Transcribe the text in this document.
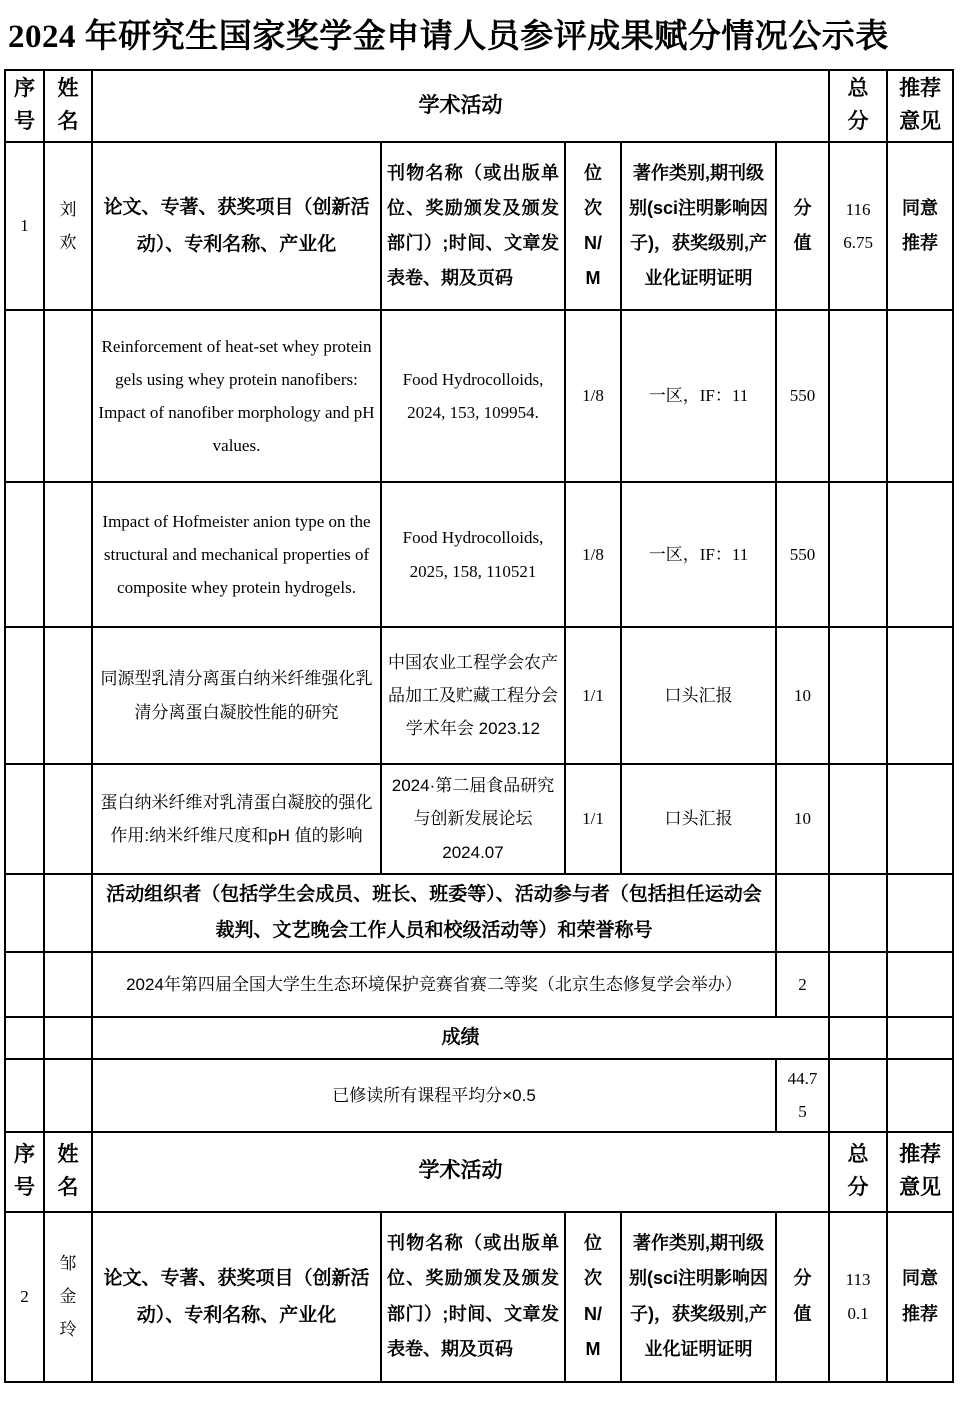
2024 年研究生国家奖学金申请人员参评成果赋分情况公示表
序号	姓名	学术活动					总分	推荐意见
1	刘欢	论文、专著、获奖项目（创新活动）、专利名称、产业化	刊物名称（或出版单位、奖励颁发及颁发部门）;时间、文章发表卷、期及页码	位次N/M	著作类别,期刊级别(sci注明影响因子)，获奖级别,产业化证明证明	分值	1166.75	同意推荐
		Reinforcement of heat-set whey protein gels using whey protein nanofibers: Impact of nanofiber morphology and pH values.	Food Hydrocolloids, 2024, 153, 109954.	1/8	一区，IF：11	550		
		Impact of Hofmeister anion type on the structural and mechanical properties of composite whey protein hydrogels.	Food Hydrocolloids, 2025, 158, 110521	1/8	一区，IF：11	550		
		同源型乳清分离蛋白纳米纤维强化乳清分离蛋白凝胶性能的研究	中国农业工程学会农产品加工及贮藏工程分会学术年会 2023.12	1/1	口头汇报	10		
		蛋白纳米纤维对乳清蛋白凝胶的强化作用:纳米纤维尺度和pH 值的影响	2024·第二届食品研究与创新发展论坛 2024.07	1/1	口头汇报	10		
		活动组织者（包括学生会成员、班长、班委等）、活动参与者（包括担任运动会裁判、文艺晚会工作人员和校级活动等）和荣誉称号						
		2024年第四届全国大学生生态环境保护竞赛省赛二等奖（北京生态修复学会举办）				2		
		成绩						
		已修读所有课程平均分×0.5				44.75		
序号	姓名	学术活动					总分	推荐意见
2	邹金玲	论文、专著、获奖项目（创新活动）、专利名称、产业化	刊物名称（或出版单位、奖励颁发及颁发部门）;时间、文章发表卷、期及页码	位次N/M	著作类别,期刊级别(sci注明影响因子)，获奖级别,产业化证明证明	分值	1130.1	同意推荐
